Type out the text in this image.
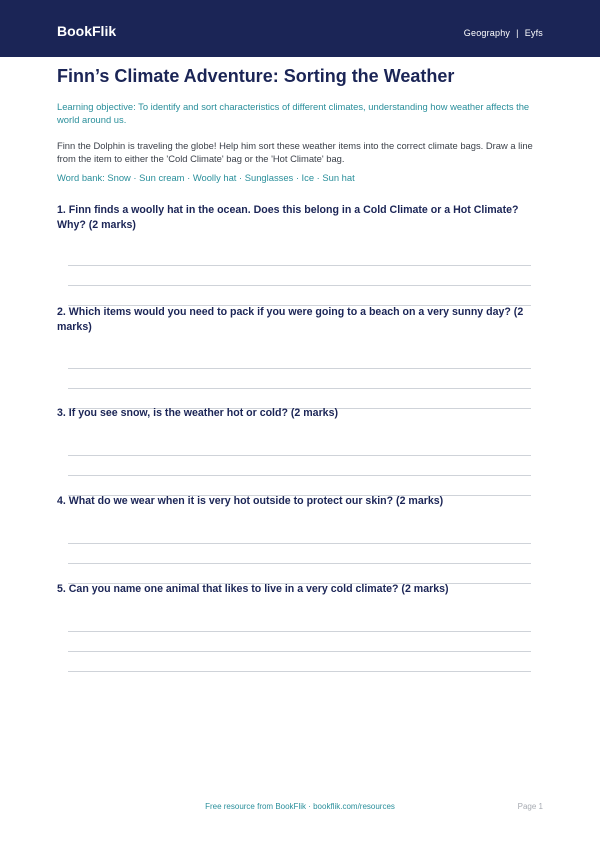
BookFlik	Geography | Eyfs
Finn’s Climate Adventure: Sorting the Weather
Learning objective: To identify and sort characteristics of different climates, understanding how weather affects the world around us.
Finn the Dolphin is traveling the globe! Help him sort these weather items into the correct climate bags. Draw a line from the item to either the 'Cold Climate' bag or the 'Hot Climate' bag.
Word bank: Snow · Sun cream · Woolly hat · Sunglasses · Ice · Sun hat
1. Finn finds a woolly hat in the ocean. Does this belong in a Cold Climate or a Hot Climate? Why? (2 marks)
2. Which items would you need to pack if you were going to a beach on a very sunny day? (2 marks)
3. If you see snow, is the weather hot or cold? (2 marks)
4. What do we wear when it is very hot outside to protect our skin? (2 marks)
5. Can you name one animal that likes to live in a very cold climate? (2 marks)
Free resource from BookFlik · bookflik.com/resources	Page 1
